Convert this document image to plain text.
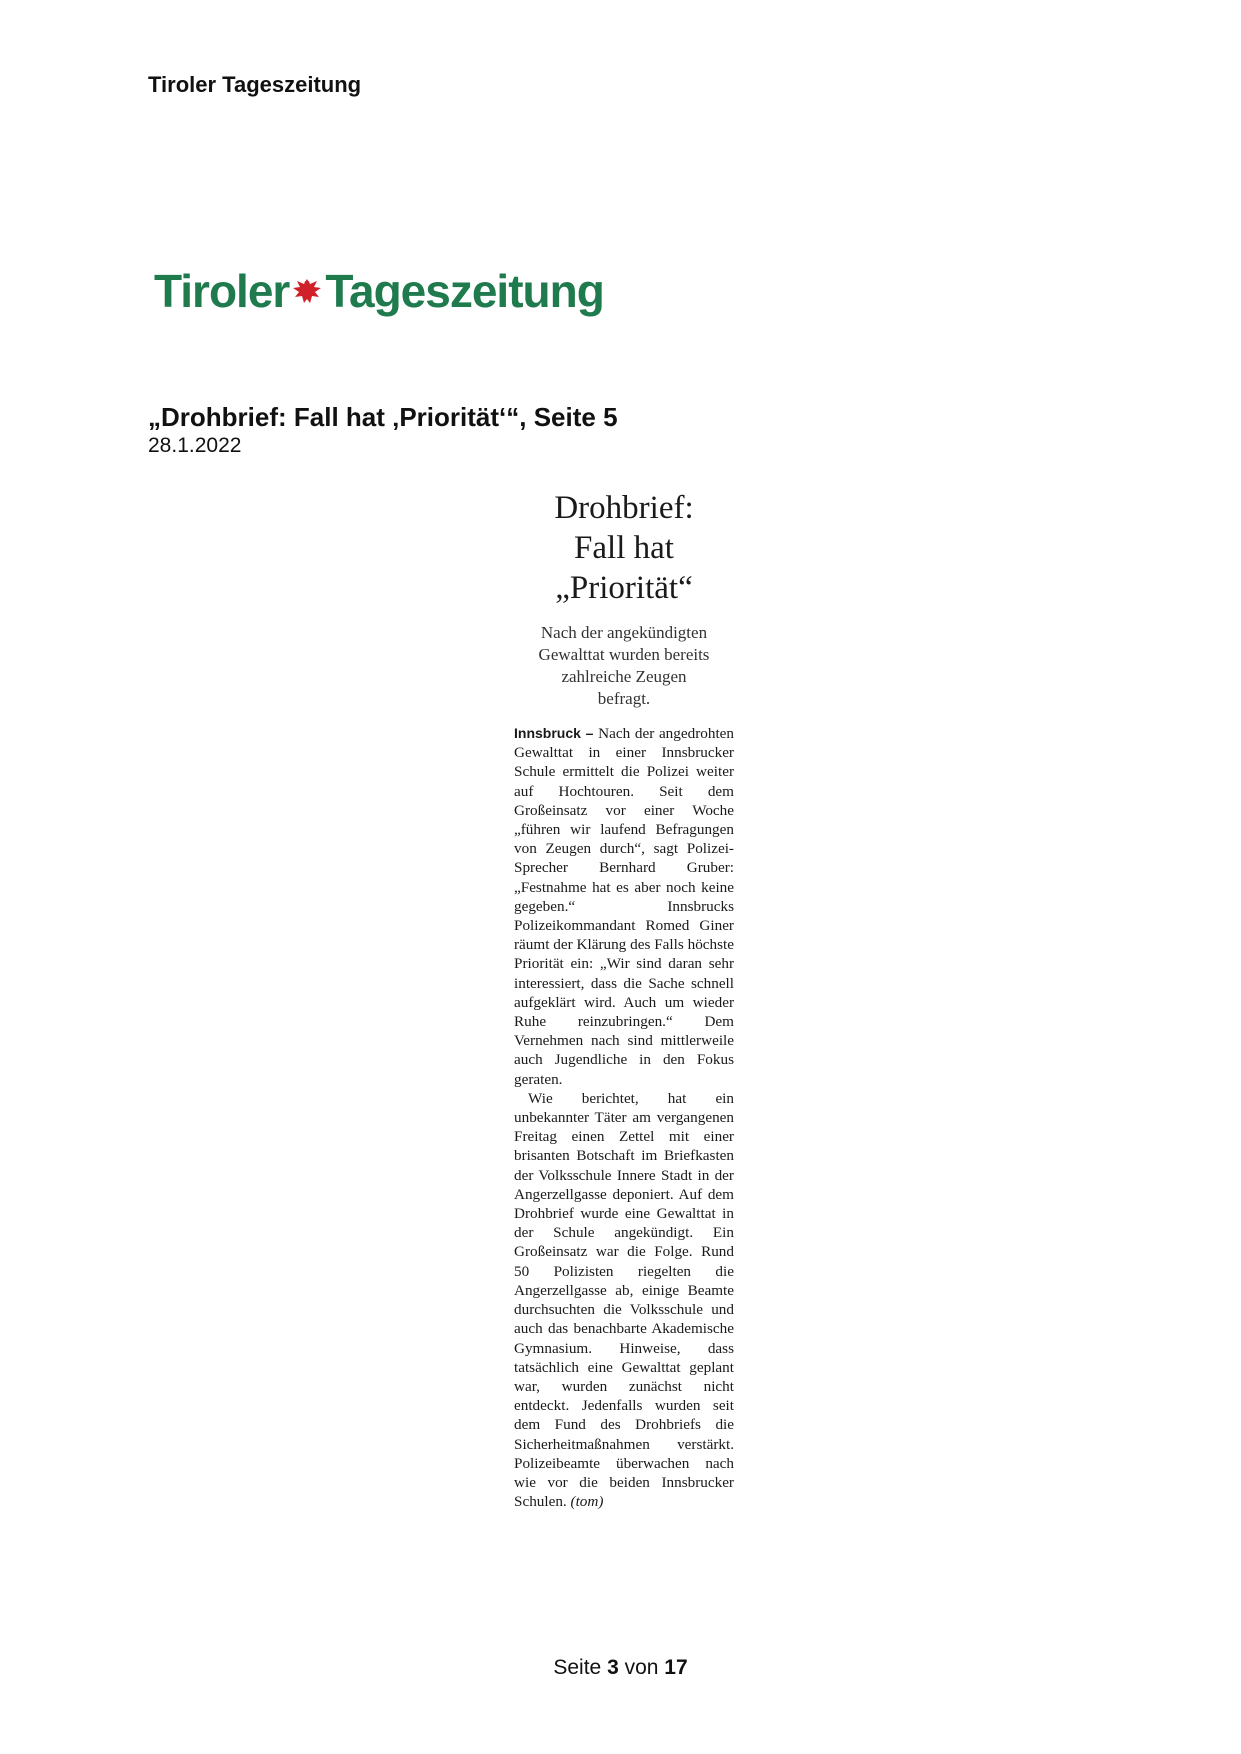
Tiroler Tageszeitung
Tiroler Tageszeitung
„Drohbrief: Fall hat ‚Priorität‘“, Seite 5
28.1.2022
Drohbrief:
Fall hat
„Priorität“

Nach der angekündigten Gewalttat wurden bereits zahlreiche Zeugen befragt.

Innsbruck – Nach der angedrohten Gewalttat in einer Innsbrucker Schule ermittelt die Polizei weiter auf Hochtouren. Seit dem Großeinsatz vor einer Woche „führen wir laufend Befragungen von Zeugen durch“, sagt Polizei-Sprecher Bernhard Gruber: „Festnahme hat es aber noch keine gegeben.“ Innsbrucks Polizeikommandant Romed Giner räumt der Klärung des Falls höchste Priorität ein: „Wir sind daran sehr interessiert, dass die Sache schnell aufgeklärt wird. Auch um wieder Ruhe reinzubringen.“ Dem Vernehmen nach sind mittlerweile auch Jugendliche in den Fokus geraten.
Wie berichtet, hat ein unbekannter Täter am vergangenen Freitag einen Zettel mit einer brisanten Botschaft im Briefkasten der Volksschule Innere Stadt in der Angerzellgasse deponiert. Auf dem Drohbrief wurde eine Gewalttat in der Schule angekündigt. Ein Großeinsatz war die Folge. Rund 50 Polizisten riegelten die Angerzellgasse ab, einige Beamte durchsuchten die Volksschule und auch das benachbarte Akademische Gymnasium. Hinweise, dass tatsächlich eine Gewalttat geplant war, wurden zunächst nicht entdeckt. Jedenfalls wurden seit dem Fund des Drohbriefs die Sicherheitmaßnahmen verstärkt. Polizeibeamte überwachen nach wie vor die beiden Innsbrucker Schulen. (tom)

Seite 3 von 17
